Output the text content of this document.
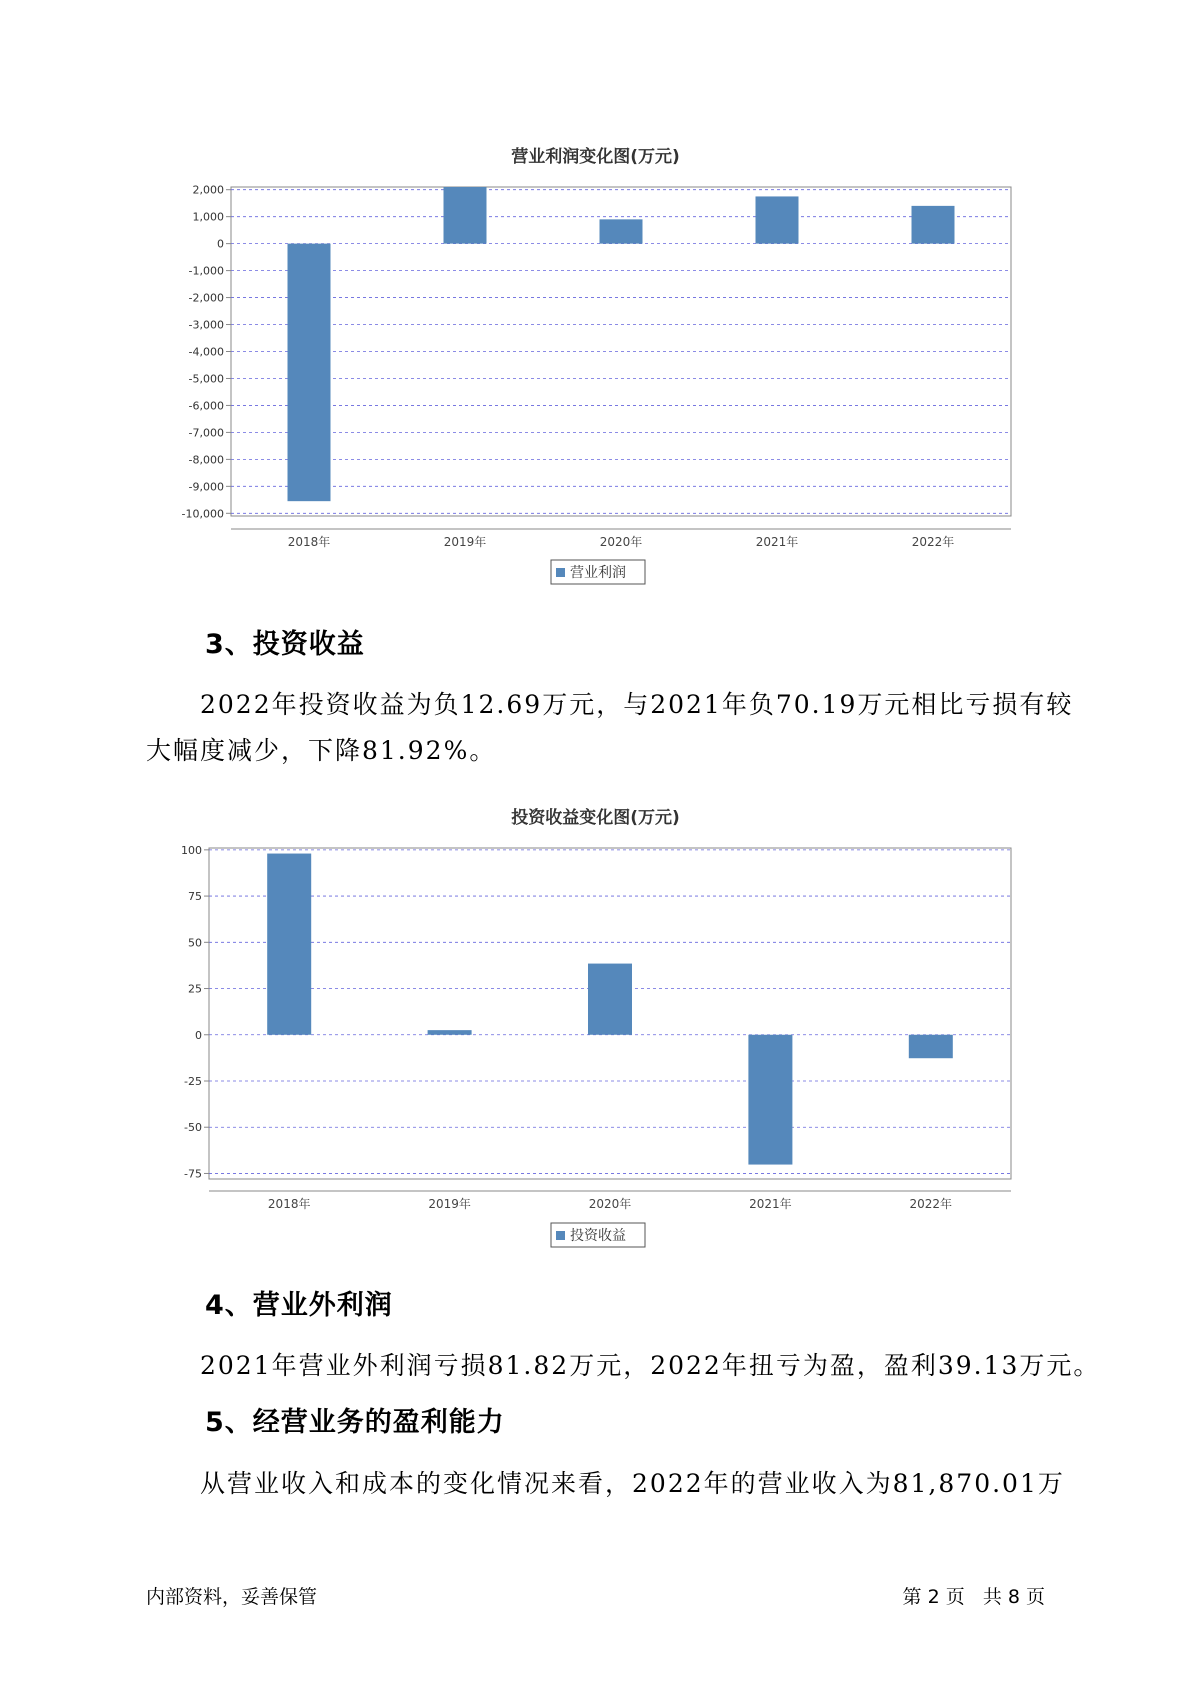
营业利润变化图(万元)
2,000
1,000
0
-1,000
-2,000
-3,000
-4,000
-5,000
-6,000
-7,000
-8,000
-9,000
-10,000
2018年	2019年	2020年	2021年	2022年
营业利润
3、投资收益
2022年投资收益为负12.69万元，与2021年负70.19万元相比亏损有较
大幅度减少，下降81.92%。
投资收益变化图(万元)
100
75
50
25
0
-25
-50
-75
2018年	2019年	2020年	2021年	2022年
投资收益
4、营业外利润
2021年营业外利润亏损81.82万元，2022年扭亏为盈，盈利39.13万元。
5、经营业务的盈利能力
从营业收入和成本的变化情况来看，2022年的营业收入为81,870.01万
内部资料，妥善保管	第 2 页   共 8 页
